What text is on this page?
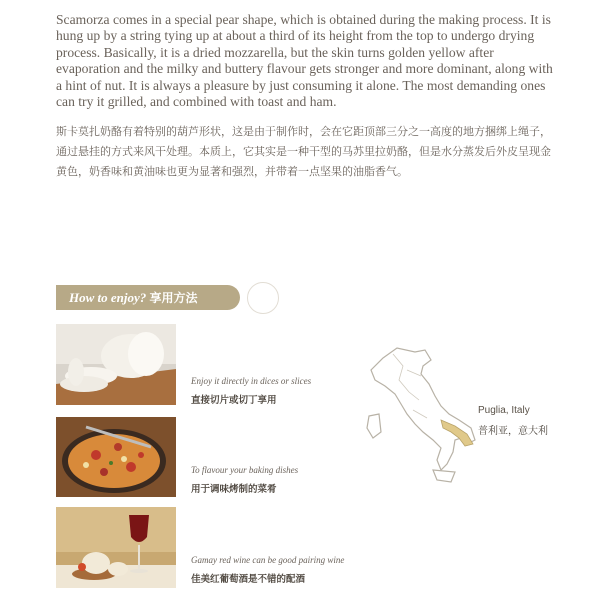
Scamorza comes in a special pear shape, which is obtained during the making process. It is hung up by a string tying up at about a third of its height from the top to undergo drying process. Basically, it is a dried mozzarella, but the skin turns golden yellow after evaporation and the milky and buttery flavour gets stronger and more dominant, along with a hint of nut. It is always a pleasure by just consuming it alone. The most demanding ones can try it grilled, and combined with toast and ham.

斯卡莫扎奶酪有着特别的葫芦形状，这是由于制作时，会在它距顶部三分之一高度的地方捆绑上绳子，通过悬挂的方式来风干处理。本质上，它其实是一种干型的马苏里拉奶酪，但是水分蒸发后外皮呈现金黄色，奶香味和黄油味也更为显著和强烈，并带着一点坚果的油脂香气。

How to enjoy? 享用方法

Enjoy it directly in dices or slices

直接切片或切丁享用

To flavour your baking dishes

用于调味烤制的菜肴

Gamay red wine can be good pairing wine

佳美红葡萄酒是不错的配酒

Puglia, Italy

普利亚，意大利
